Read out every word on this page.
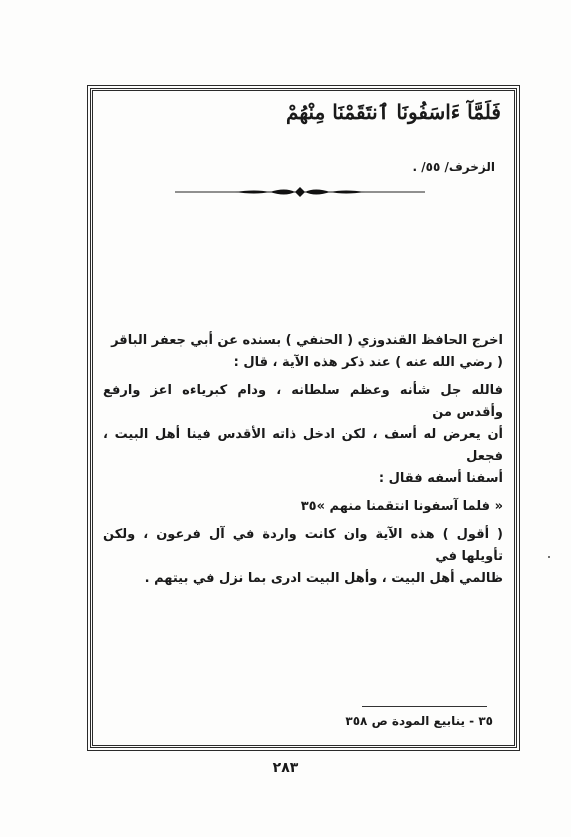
فَلَمَّآ ءَاسَفُونَا ٱنتَقَمْنَا مِنْهُمْ
الزخرف/ ٥٥/ .

اخرج الحافظ القندوزي ( الحنفي ) بسنده عن أبي جعفر الباقر

( رضي الله عنه ) عند ذكر هذه الآية ، قال :

فالله جل شأنه وعظم سلطانه ، ودام كبرياءه اعز وارفع وأقدس من

أن يعرض له أسف ، لكن ادخل ذاته الأقدس فينا أهل البيت ، فجعل

أسفنا أسفه فقال :

« فلما آسفونا انتقمنا منهم »٣٥

( أقول ) هذه الآية وان كانت واردة في آل فرعون ، ولكن تأويلها في

ظالمي أهل البيت ، وأهل البيت ادرى بما نزل في بيتهم .

٣٥ - ينابيع المودة ص ٣٥٨
٢٨٣
